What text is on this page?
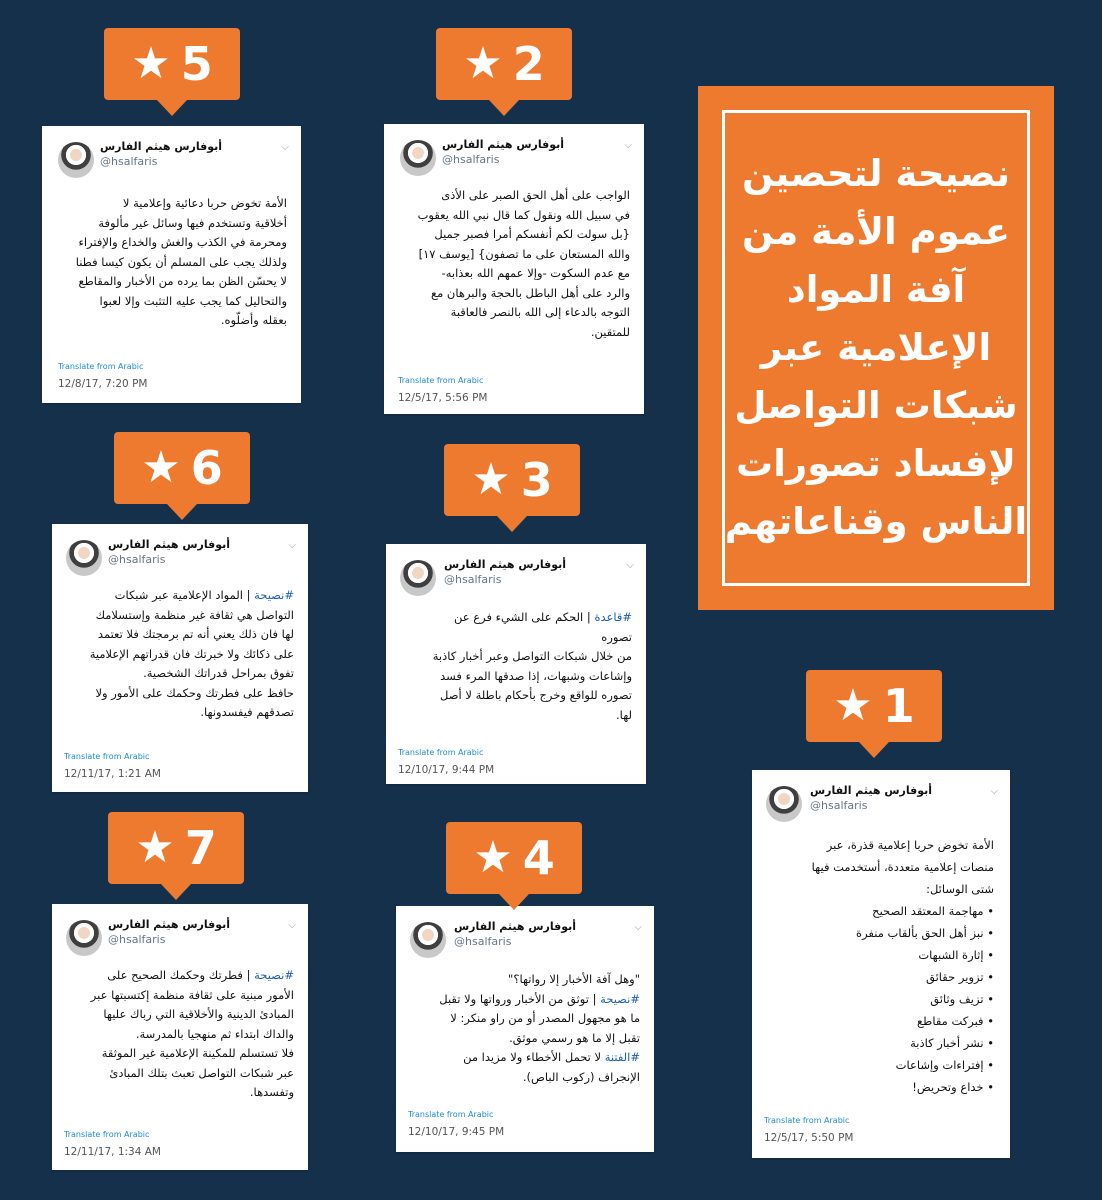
نصيحة لتحصين
عموم الأمة من
آفة المواد
الإعلامية عبر
شبكات التواصل
لإفساد تصورات
الناس وقناعاتهم
★ 5	★ 2
★ 6	★ 3
★ 1
★ 7	★ 4
أبوفارس هيثم الفارس
@hsalfaris
⌵

الأمة تخوض حربا دعائية وإعلامية لا

أخلاقية وتستخدم فيها وسائل غير مألوفة

ومحرمة في الكذب والغش والخداع والإفتراء

ولذلك يجب على المسلم أن يكون كيسا فطنا

لا يحسّن الظن بما يرده من الأخبار والمقاطع

والتحاليل كما يجب عليه التثبت وإلا لعبوا

بعقله وأضلّوه.

Translate from Arabic
12/8/17, 7:20 PM
أبوفارس هيثم الفارس
@hsalfaris
⌵

الواجب على أهل الحق الصبر على الأذى

في سبيل الله ونقول كما قال نبي الله يعقوب

{بل سولت لكم أنفسكم أمرا فصبر جميل

والله المستعان على ما تصفون} [يوسف ١٧]

مع عدم السكوت -وإلا عمهم الله بعذابه-

والرد على أهل الباطل بالحجة والبرهان مع

التوجه بالدعاء إلى الله بالنصر فالعاقبة

للمتقين.

Translate from Arabic
12/5/17, 5:56 PM
أبوفارس هيثم الفارس
@hsalfaris
⌵

#نصيحة | المواد الإعلامية عبر شبكات

التواصل هي ثقافة غير منظمة وإستسلامك

لها فان ذلك يعني أنه تم برمجتك فلا تعتمد

على ذكائك ولا خبرتك فان قدراتهم الإعلامية

تفوق بمراحل قدراتك الشخصية.

حافظ على فطرتك وحكمك على الأمور ولا

تصدقهم فيفسدونها.

Translate from Arabic
12/11/17, 1:21 AM
أبوفارس هيثم الفارس
@hsalfaris
⌵

#قاعدة | الحكم على الشيء فرع عن

تصوره

من خلال شبكات التواصل وعبر أخبار كاذبة

وإشاعات وشبهات، إذا صدقها المرء فسد

تصوره للواقع وخرج بأحكام باطلة لا أصل

لها.

Translate from Arabic
12/10/17, 9:44 PM
أبوفارس هيثم الفارس
@hsalfaris
⌵

الأمة تخوض حربا إعلامية قذرة، عبر

منصات إعلامية متعددة، أستخدمت فيها

شتى الوسائل:

• مهاجمة المعتقد الصحيح
• نبز أهل الحق بألقاب منفرة
• إثارة الشبهات
• تزوير حقائق
• تزيف وثائق
• فبركت مقاطع
• نشر أخبار كاذبة
• إفتراءات وإشاعات
• خداع وتحريض!
Translate from Arabic
12/5/17, 5:50 PM
أبوفارس هيثم الفارس
@hsalfaris
⌵

#نصيحة | فطرتك وحكمك الصحيح على

الأمور مبنية على ثقافة منظمة إكتسبتها عبر

المبادئ الدينية والأخلاقية التي رباك عليها

والداك ابتداء ثم منهجيا بالمدرسة.

فلا تستسلم للمكينة الإعلامية غير الموثقة

عبر شبكات التواصل تعبث بتلك المبادئ

وتفسدها.

Translate from Arabic
12/11/17, 1:34 AM
أبوفارس هيثم الفارس
@hsalfaris
⌵

"وهل آفة الأخبار إلا رواتها؟"

#نصيحة | توثق من الأخبار ورواتها ولا تقبل

ما هو مجهول المصدر أو من راو منكر: لا

تقبل إلا ما هو رسمي موثق.

#الفتنة لا تحمل الأخطاء ولا مزيدا من

الإنجراف (ركوب الباص).

Translate from Arabic
12/10/17, 9:45 PM
